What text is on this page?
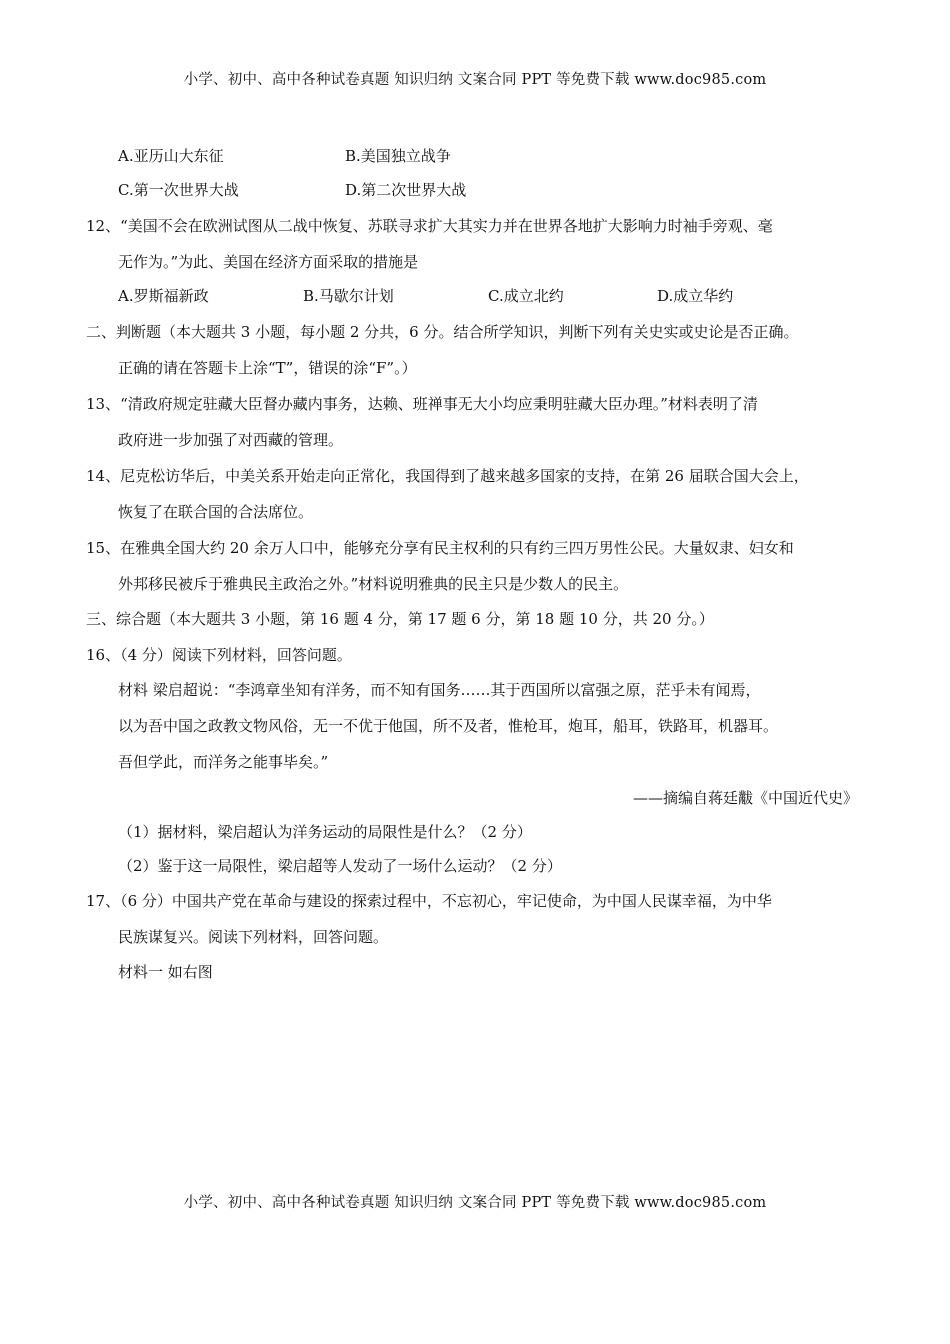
小学、初中、高中各种试卷真题 知识归纳 文案合同 PPT 等免费下载 www.doc985.com
A.亚历山大东征	B.美国独立战争
C.第一次世界大战	D.第二次世界大战
12、“美国不会在欧洲试图从二战中恢复、苏联寻求扩大其实力并在世界各地扩大影响力时袖手旁观、毫
无作为。”为此、美国在经济方面采取的措施是
A.罗斯福新政	B.马歇尔计划	C.成立北约	D.成立华约
二、判断题（本大题共 3 小题，每小题 2 分共，6 分。结合所学知识，判断下列有关史实或史论是否正确。
正确的请在答题卡上涂“T”，错误的涂“F”。）
13、“清政府规定驻藏大臣督办藏内事务，达赖、班禅事无大小均应秉明驻藏大臣办理。”材料表明了清
政府进一步加强了对西藏的管理。
14、尼克松访华后，中美关系开始走向正常化，我国得到了越来越多国家的支持，在第 26 届联合国大会上，
恢复了在联合国的合法席位。
15、在雅典全国大约 20 余万人口中，能够充分享有民主权利的只有约三四万男性公民。大量奴隶、妇女和
外邦移民被斥于雅典民主政治之外。”材料说明雅典的民主只是少数人的民主。
三、综合题（本大题共 3 小题，第 16 题 4 分，第 17 题 6 分，第 18 题 10 分，共 20 分。）
16、（4 分）阅读下列材料，回答问题。
材料 梁启超说：“李鸿章坐知有洋务，而不知有国务……其于西国所以富强之原，茫乎未有闻焉，
以为吾中国之政教文物风俗，无一不优于他国，所不及者，惟枪耳，炮耳，船耳，铁路耳，机器耳。
吾但学此，而洋务之能事毕矣。”
——摘编自蒋廷黻《中国近代史》
（1）据材料，梁启超认为洋务运动的局限性是什么？（2 分）
（2）鉴于这一局限性，梁启超等人发动了一场什么运动？（2 分）
17、（6 分）中国共产党在革命与建设的探索过程中，不忘初心，牢记使命，为中国人民谋幸福，为中华
民族谋复兴。阅读下列材料，回答问题。
材料一 如右图
小学、初中、高中各种试卷真题 知识归纳 文案合同 PPT 等免费下载 www.doc985.com
